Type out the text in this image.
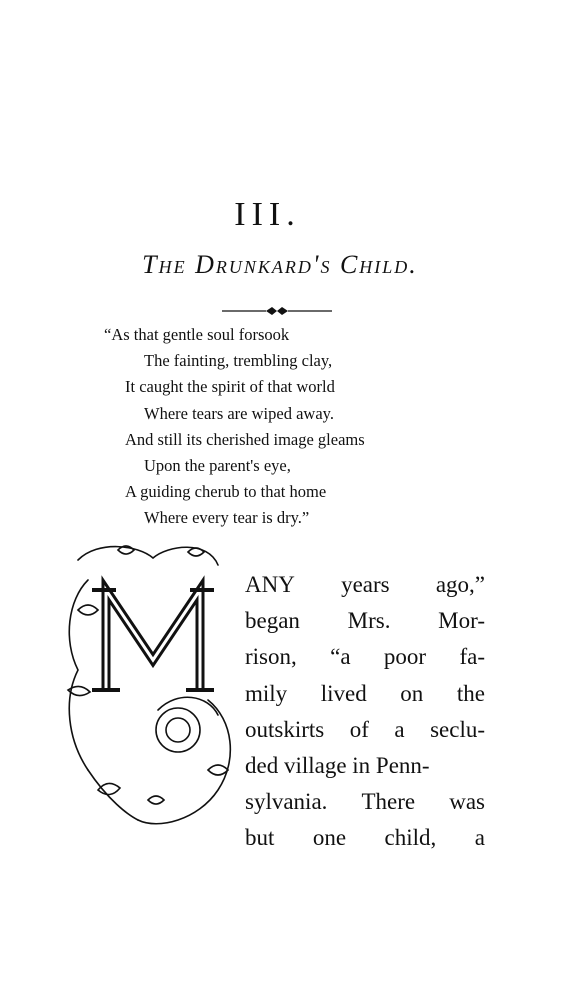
III.
The Drunkard's Child.
“As that gentle soul forsook
The fainting, trembling clay,
It caught the spirit of that world
Where tears are wiped away.
And still its cherished image gleams
Upon the parent's eye,
A guiding cherub to that home
Where every tear is dry.”
ANY years ago,”
began Mrs. Mor-
rison, “a poor fa-
mily lived on the
outskirts of a seclu-
ded village in Penn-
sylvania. There was
but one child, a
